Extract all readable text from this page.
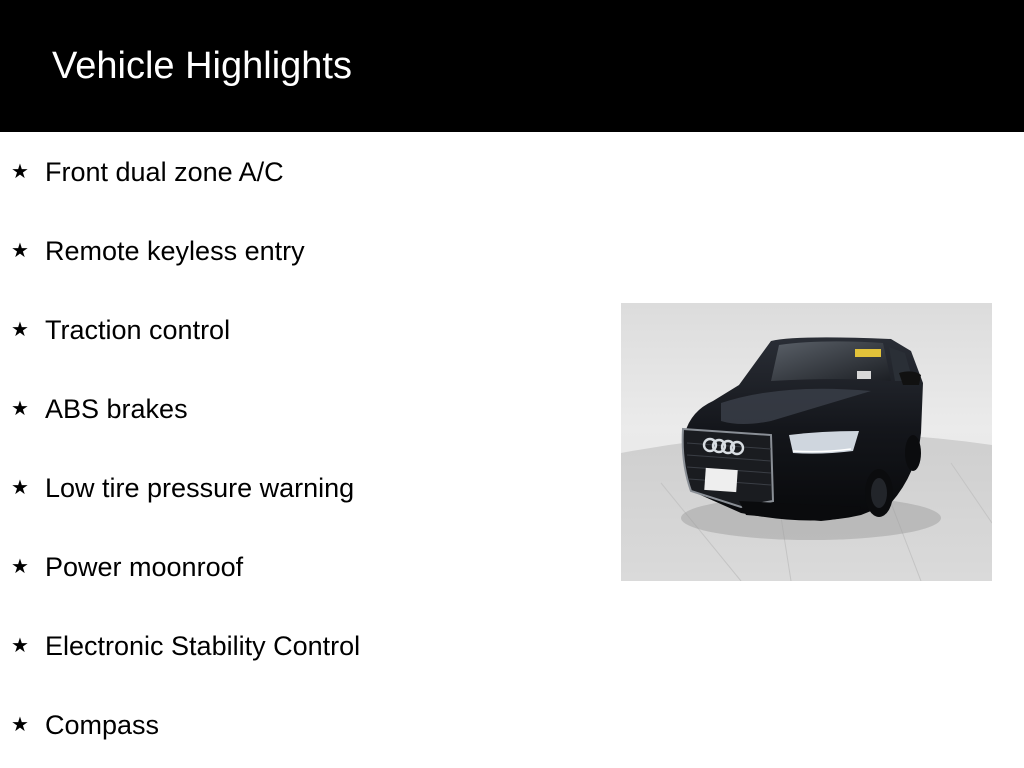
Vehicle Highlights
★ Front dual zone A/C
★ Remote keyless entry
★ Traction control
★ ABS brakes
★ Low tire pressure warning
★ Power moonroof
★ Electronic Stability Control
★ Compass
